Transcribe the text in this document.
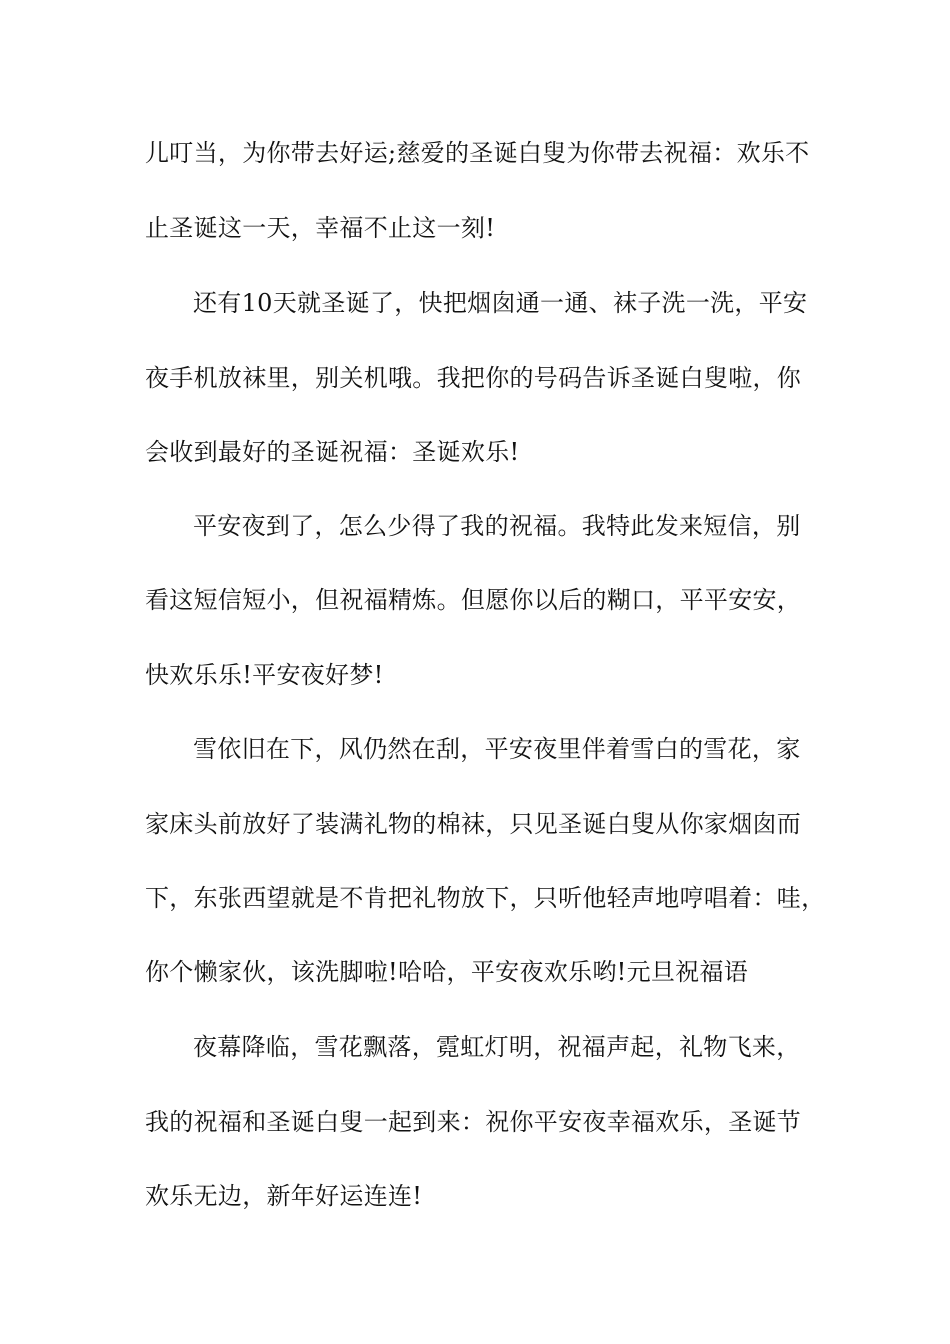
儿叮当，为你带去好运;慈爱的圣诞白叟为你带去祝福：欢乐不
止圣诞这一天，幸福不止这一刻!
还有10天就圣诞了，快把烟囱通一通、袜子洗一洗，平安
夜手机放袜里，别关机哦。我把你的号码告诉圣诞白叟啦，你
会收到最好的圣诞祝福：圣诞欢乐!
平安夜到了，怎么少得了我的祝福。我特此发来短信，别
看这短信短小，但祝福精炼。但愿你以后的糊口，平平安安，
快欢乐乐!平安夜好梦!
雪依旧在下，风仍然在刮，平安夜里伴着雪白的雪花，家
家床头前放好了装满礼物的棉袜，只见圣诞白叟从你家烟囱而
下，东张西望就是不肯把礼物放下，只听他轻声地哼唱着：哇，
你个懒家伙，该洗脚啦!哈哈，平安夜欢乐哟!元旦祝福语
夜幕降临，雪花飘落，霓虹灯明，祝福声起，礼物飞来，
我的祝福和圣诞白叟一起到来：祝你平安夜幸福欢乐，圣诞节
欢乐无边，新年好运连连!
